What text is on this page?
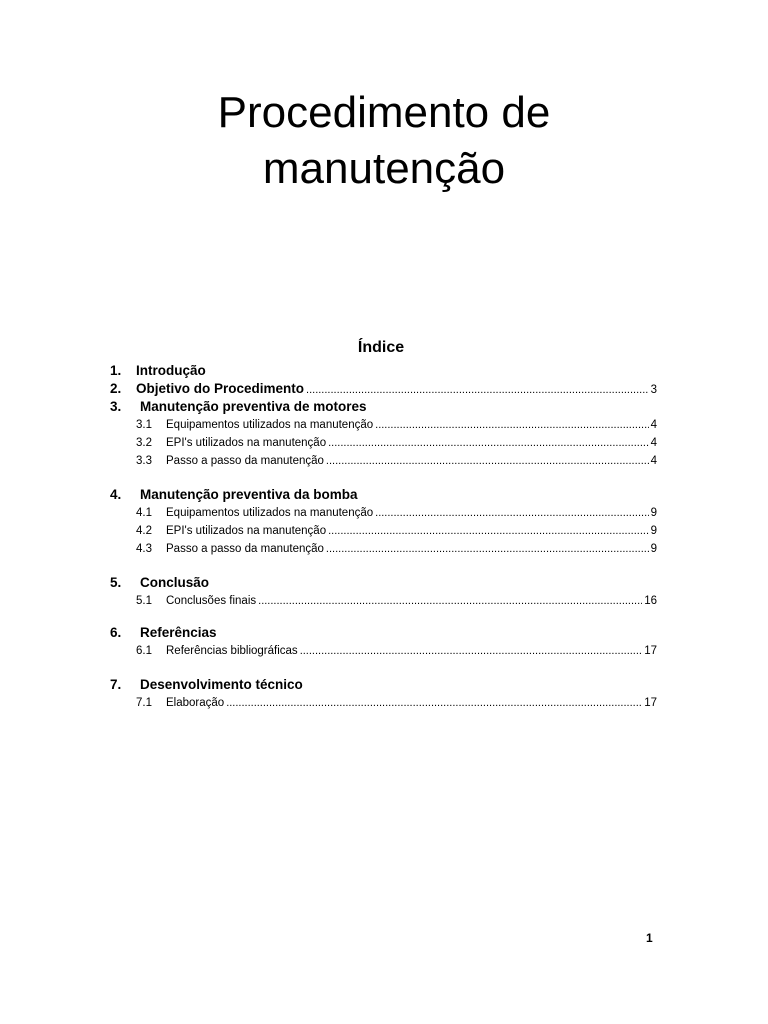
Procedimento de
manutenção
Índice
1.	Introdução
2.	Objetivo do Procedimento .....	3
3.	Manutenção preventiva de motores
3.1	Equipamentos utilizados na manutenção .....	4
3.2	EPI's utilizados na manutenção .....	4
3.3	Passo a passo da manutenção .....	4
4.	Manutenção preventiva da bomba
4.1	Equipamentos utilizados na manutenção .....	9
4.2	EPI's utilizados na manutenção .....	9
4.3	Passo a passo da manutenção .....	9
5.	Conclusão
5.1	Conclusões finais .....	16
6.	Referências
6.1	Referências bibliográficas .....	17
7.	Desenvolvimento técnico
7.1	Elaboração .....	17
1
